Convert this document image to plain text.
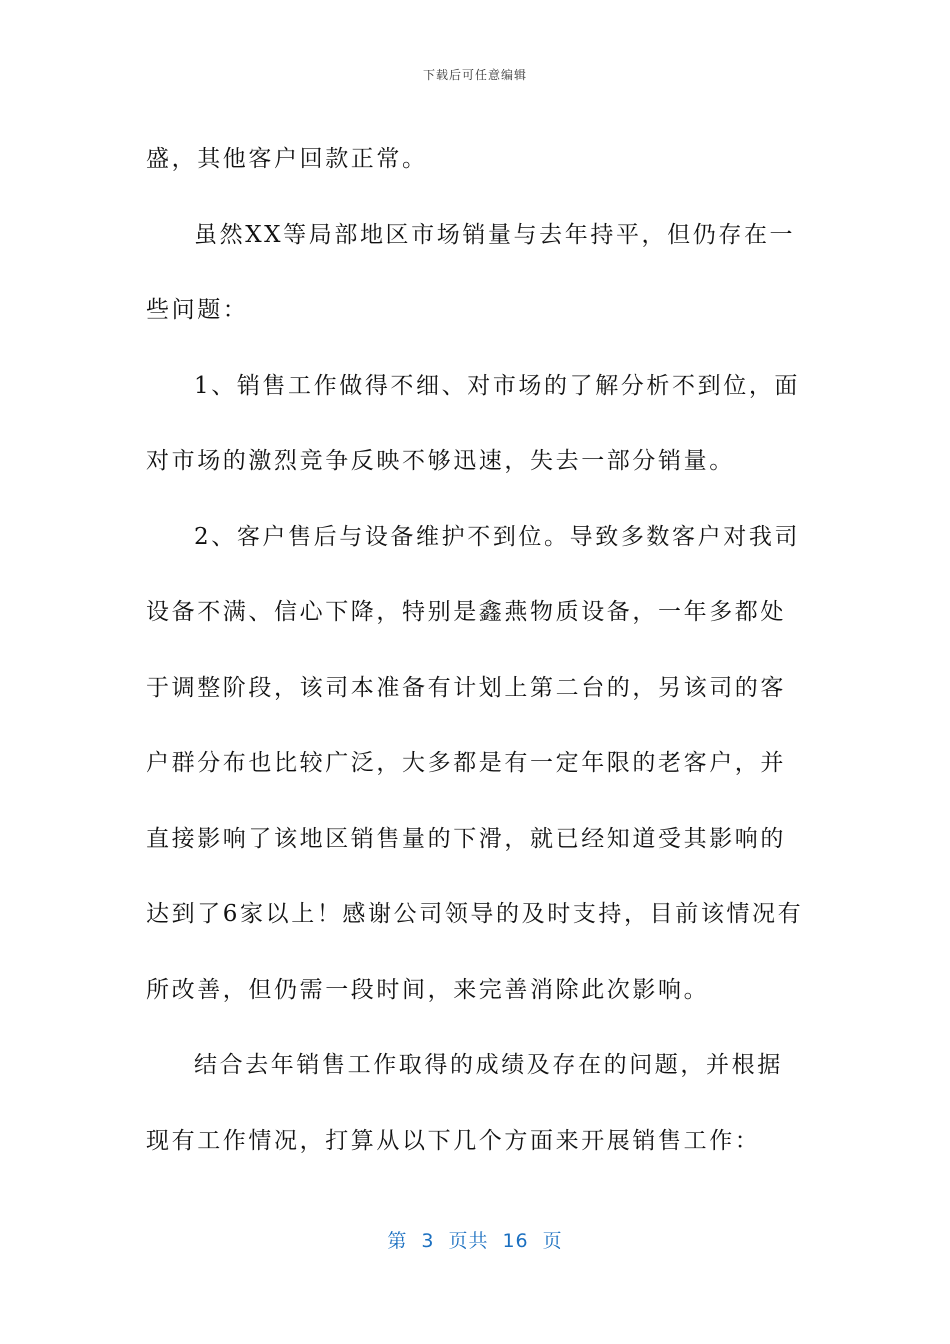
下载后可任意编辑

盛，其他客户回款正常。

虽然XX等局部地区市场销量与去年持平，但仍存在一些问题：

1、销售工作做得不细、对市场的了解分析不到位，面对市场的激烈竞争反映不够迅速，失去一部分销量。

2、客户售后与设备维护不到位。导致多数客户对我司设备不满、信心下降，特别是鑫燕物质设备，一年多都处于调整阶段，该司本准备有计划上第二台的，另该司的客户群分布也比较广泛，大多都是有一定年限的老客户，并直接影响了该地区销售量的下滑，就已经知道受其影响的达到了6家以上！感谢公司领导的及时支持，目前该情况有所改善，但仍需一段时间，来完善消除此次影响。

结合去年销售工作取得的成绩及存在的问题，并根据现有工作情况，打算从以下几个方面来开展销售工作：

第 3 页共 16 页
